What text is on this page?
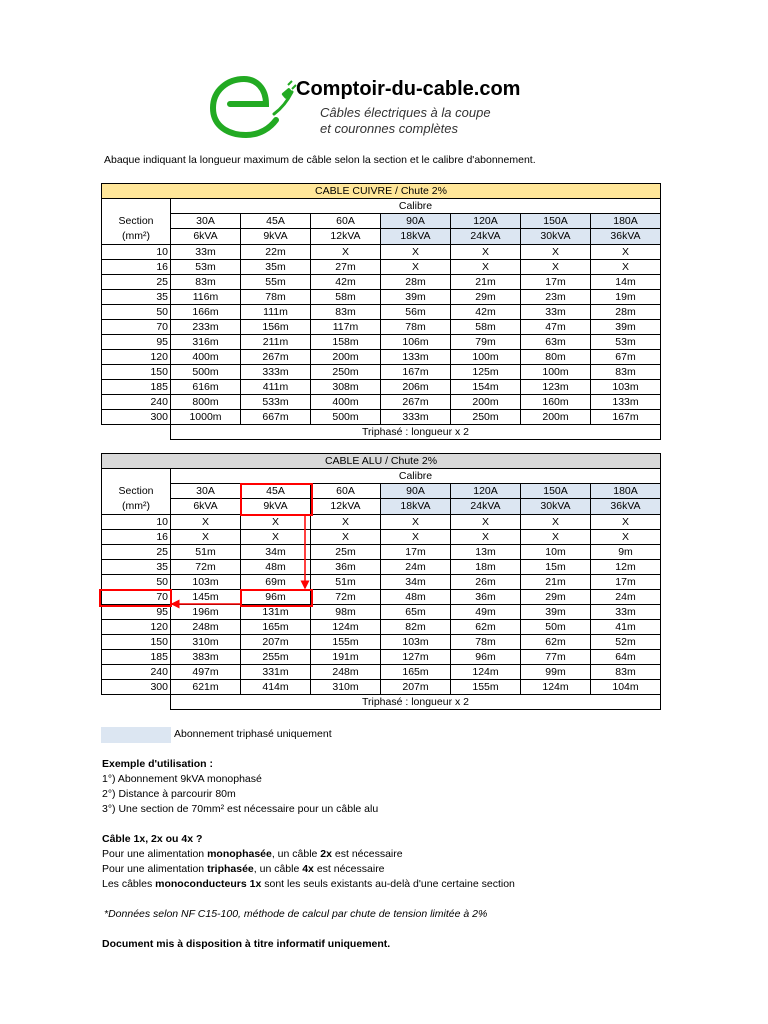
Comptoir-du-cable.com
Câbles électriques à la coupe
et couronnes complètes
Abaque indiquant la longueur maximum de câble selon la section et le calibre d'abonnement.
CABLE CUIVRE / Chute 2%							
	Calibre						

Section
(mm²)	30A	45A	60A	90A	120A	150A	180A
	6kVA	9kVA	12kVA	18kVA	24kVA	30kVA	36kVA
10	33m	22m	X	X	X	X	X
16	53m	35m	27m	X	X	X	X
25	83m	55m	42m	28m	21m	17m	14m
35	116m	78m	58m	39m	29m	23m	19m
50	166m	111m	83m	56m	42m	33m	28m
70	233m	156m	117m	78m	58m	47m	39m
95	316m	211m	158m	106m	79m	63m	53m
120	400m	267m	200m	133m	100m	80m	67m
150	500m	333m	250m	167m	125m	100m	83m
185	616m	411m	308m	206m	154m	123m	103m
240	800m	533m	400m	267m	200m	160m	133m
300	1000m	667m	500m	333m	250m	200m	167m
	Triphasé : longueur x 2						
CABLE ALU / Chute 2%							
	Calibre						

Section
(mm²)	30A	45A	60A	90A	120A	150A	180A
	6kVA	9kVA	12kVA	18kVA	24kVA	30kVA	36kVA
10	X	X	X	X	X	X	X
16	X	X	X	X	X	X	X
25	51m	34m	25m	17m	13m	10m	9m
35	72m	48m	36m	24m	18m	15m	12m
50	103m	69m	51m	34m	26m	21m	17m
70	145m	96m	72m	48m	36m	29m	24m
95	196m	131m	98m	65m	49m	39m	33m
120	248m	165m	124m	82m	62m	50m	41m
150	310m	207m	155m	103m	78m	62m	52m
185	383m	255m	191m	127m	96m	77m	64m
240	497m	331m	248m	165m	124m	99m	83m
300	621m	414m	310m	207m	155m	124m	104m
	Triphasé : longueur x 2						
Abonnement triphasé uniquement

Exemple d'utilisation :

1°) Abonnement 9kVA monophasé

2°) Distance à parcourir 80m

3°) Une section de 70mm² est nécessaire pour un câble alu

Câble 1x, 2x ou 4x ?

Pour une alimentation monophasée, un câble 2x est nécessaire

Pour une alimentation triphasée, un câble 4x est nécessaire

Les câbles monoconducteurs 1x sont les seuls existants au-delà d'une certaine section

*Données selon NF C15-100, méthode de calcul par chute de tension limitée à 2%

Document mis à disposition à titre informatif uniquement.
